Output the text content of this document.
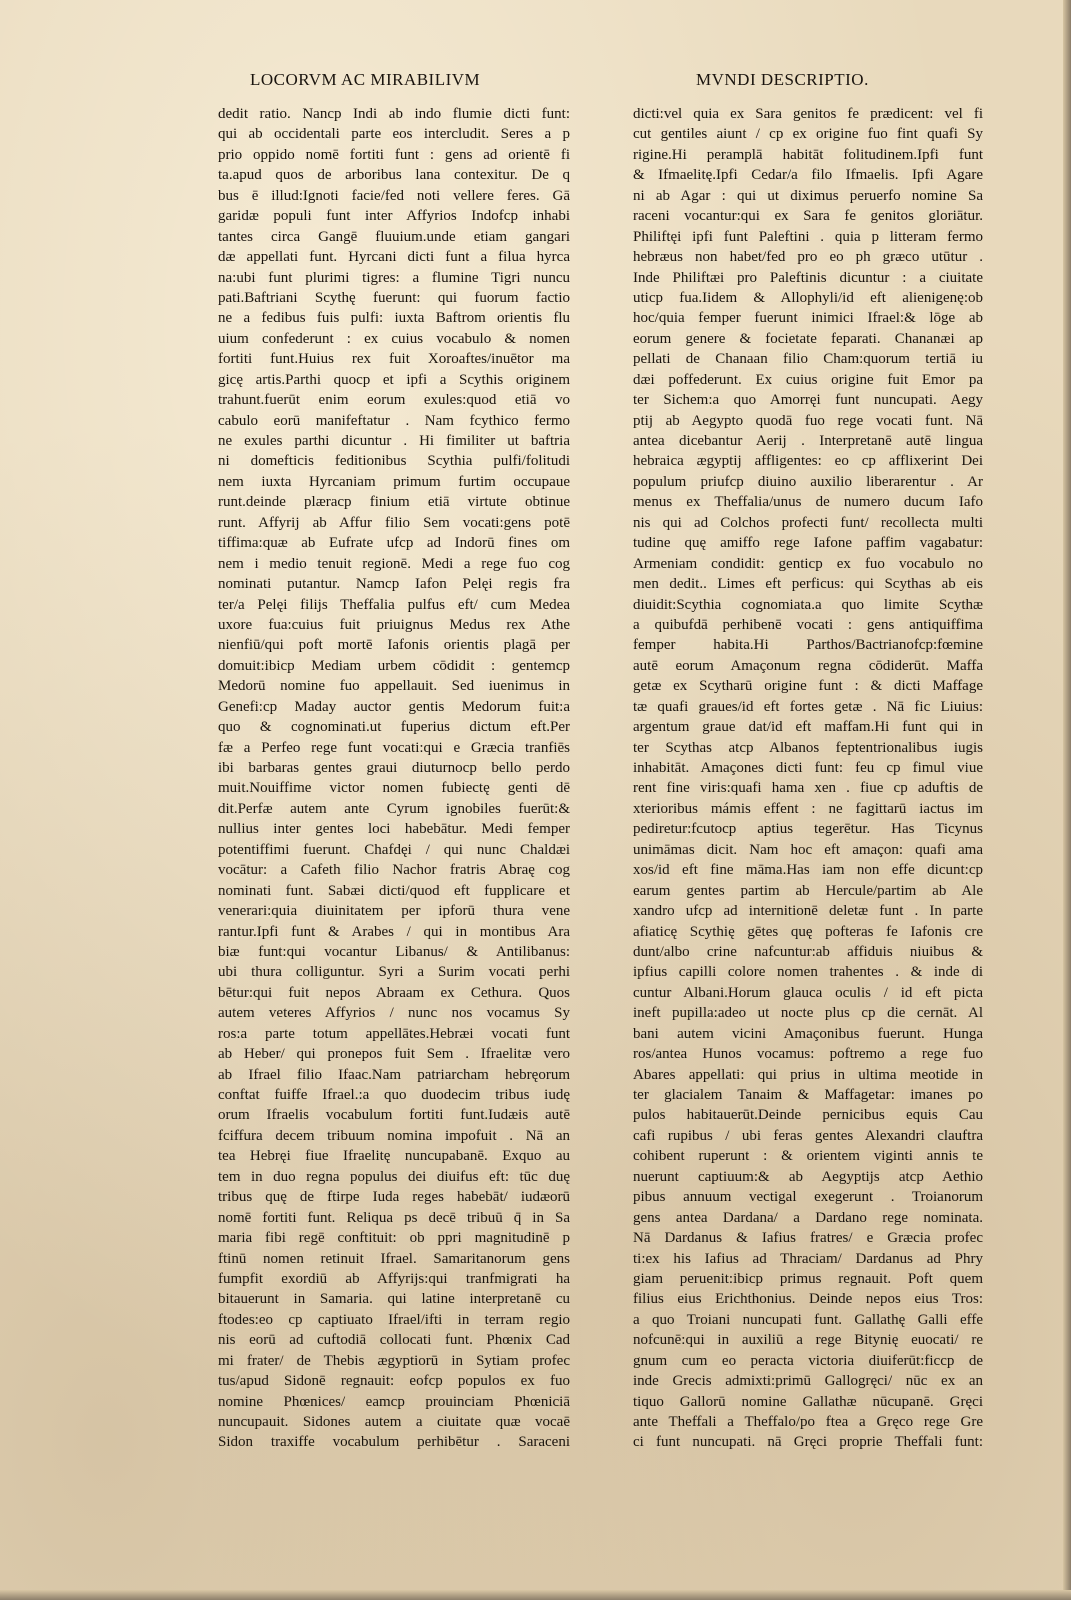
LOCORVM AC MIRABILIVM	MVNDI DESCRIPTIO.
dedit ratio. Nancp Indi ab indo flumie dicti funt:
qui ab occidentali parte eos intercludit. Seres a p
prio oppido nomē fortiti funt : gens ad orientē fi
ta.apud quos de arboribus lana contexitur. De q
bus ē illud:Ignoti facie/fed noti vellere feres. Gā
garidæ populi funt inter Affyrios Indofcp inhabi
tantes circa Gangē fluuium.unde etiam gangari
dæ appellati funt. Hyrcani dicti funt a filua hyrca
na:ubi funt plurimi tigres: a flumine Tigri nuncu
pati.Baftriani Scythę fuerunt: qui fuorum factio
ne a fedibus fuis pulfi: iuxta Baftrom orientis flu
uium confederunt : ex cuius vocabulo & nomen
fortiti funt.Huius rex fuit Xoroaftes/inuētor ma
gicę artis.Parthi quocp et ipfi a Scythis originem
trahunt.fuerūt enim eorum exules:quod etiā vo
cabulo eorū manifeftatur . Nam fcythico fermo
ne exules parthi dicuntur . Hi fimiliter ut baftria
ni domefticis feditionibus Scythia pulfi/folitudi
nem iuxta Hyrcaniam primum furtim occupaue
runt.deinde plæracp finium etiā virtute obtinue
runt. Affyrij ab Affur filio Sem vocati:gens potē
tiffima:quæ ab Eufrate ufcp ad Indorū fines om
nem i medio tenuit regionē. Medi a rege fuo cog
nominati putantur. Namcp Iafon Pelęi regis fra
ter/a Pelęi filijs Theffalia pulfus eft/ cum Medea
uxore fua:cuius fuit priuignus Medus rex Athe
nienfiū/qui poft mortē Iafonis orientis plagā per
domuit:ibicp Mediam urbem cōdidit : gentemcp
Medorū nomine fuo appellauit. Sed iuenimus in
Genefi:cp Maday auctor gentis Medorum fuit:a
quo & cognominati.ut fuperius dictum eft.Per
fæ a Perfeo rege funt vocati:qui e Græcia tranfiēs
ibi barbaras gentes graui diuturnocp bello perdo
muit.Nouiffime victor nomen fubiectę genti dē
dit.Perfæ autem ante Cyrum ignobiles fuerūt:&
nullius inter gentes loci habebātur. Medi femper
potentiffimi fuerunt. Chafdęi / qui nunc Chaldæi
vocātur: a Cafeth filio Nachor fratris Abraę cog
nominati funt. Sabæi dicti/quod eft fupplicare et
venerari:quia diuinitatem per ipforū thura vene
rantur.Ipfi funt & Arabes / qui in montibus Ara
biæ funt:qui vocantur Libanus/ & Antilibanus:
ubi thura colliguntur. Syri a Surim vocati perhi
bētur:qui fuit nepos Abraam ex Cethura. Quos
autem veteres Affyrios / nunc nos vocamus Sy
ros:a parte totum appellātes.Hebræi vocati funt
ab Heber/ qui pronepos fuit Sem . Ifraelitæ vero
ab Ifrael filio Ifaac.Nam patriarcham hebręorum
conftat fuiffe Ifrael.:a quo duodecim tribus iudę
orum Ifraelis vocabulum fortiti funt.Iudæis autē
fciffura decem tribuum nomina impofuit . Nā an
tea Hebręi fiue Ifraelitę nuncupabanē. Exquo au
tem in duo regna populus dei diuifus eft: tūc duę
tribus quę de ftirpe Iuda reges habebāt/ iudæorū
nomē fortiti funt. Reliqua ps decē tribuū q̄ in Sa
maria fibi regē conftituit: ob ppri magnitudinē p
ftinū nomen retinuit Ifrael. Samaritanorum gens
fumpfit exordiū ab Affyrijs:qui tranfmigrati ha
bitauerunt in Samaria. qui latine interpretanē cu
ftodes:eo cp captiuato Ifrael/ifti in terram regio
nis eorū ad cuftodiā collocati funt. Phœnix Cad
mi frater/ de Thebis ægyptiorū in Sytiam profec
tus/apud Sidonē regnauit: eofcp populos ex fuo
nomine Phœnices/ eamcp prouinciam Phœniciā
nuncupauit. Sidones autem a ciuitate quæ vocaē
Sidon traxiffe vocabulum perhibētur . Saraceni
dicti:vel quia ex Sara genitos fe prædicent: vel fi
cut gentiles aiunt / cp ex origine fuo fint quafi Sy
rigine.Hi peramplā habitāt folitudinem.Ipfi funt
& Ifmaelitę.Ipfi Cedar/a filo Ifmaelis. Ipfi Agare
ni ab Agar : qui ut diximus peruerfo nomine Sa
raceni vocantur:qui ex Sara fe genitos gloriātur.
Philiftęi ipfi funt Paleftini . quia p litteram fermo
hebræus non habet/fed pro eo ph græco utūtur .
Inde Philiftæi pro Paleftinis dicuntur : a ciuitate
uticp fua.Iidem & Allophyli/id eft alienigenę:ob
hoc/quia femper fuerunt inimici Ifrael:& lōge ab
eorum genere & focietate feparati. Chananæi ap
pellati de Chanaan filio Cham:quorum tertiā iu
dæi poffederunt. Ex cuius origine fuit Emor pa
ter Sichem:a quo Amorręi funt nuncupati. Aegy
ptij ab Aegypto quodā fuo rege vocati funt. Nā
antea dicebantur Aerij . Interpretanē autē lingua
hebraica ægyptij affligentes: eo cp afflixerint Dei
populum priufcp diuino auxilio liberarentur . Ar
menus ex Theffalia/unus de numero ducum Iafo
nis qui ad Colchos profecti funt/ recollecta multi
tudine quę amiffo rege Iafone paffim vagabatur:
Armeniam condidit: genticp ex fuo vocabulo no
men dedit.. Limes eft perficus: qui Scythas ab eis
diuidit:Scythia cognomiata.a quo limite Scythæ
a quibufdā perhibenē vocati : gens antiquiffima
femper habita.Hi Parthos/Bactrianofcp:fœmine
autē eorum Amaçonum regna cōdiderūt. Maffa
getæ ex Scytharū origine funt : & dicti Maffage
tæ quafi graues/id eft fortes getæ . Nā fic Liuius:
argentum graue dat/id eft maffam.Hi funt qui in
ter Scythas atcp Albanos feptentrionalibus iugis
inhabitāt. Amaçones dicti funt: feu cp fimul viue
rent fine viris:quafi hama xen . fiue cp aduftis de
xterioribus mámis effent : ne fagittarū iactus im
pediretur:fcutocp aptius tegerētur. Has Ticynus
unimāmas dicit. Nam hoc eft amaçon: quafi ama
xos/id eft fine māma.Has iam non effe dicunt:cp
earum gentes partim ab Hercule/partim ab Ale
xandro ufcp ad internitionē deletæ funt . In parte
afiaticę Scythię gētes quę pofteras fe Iafonis cre
dunt/albo crine nafcuntur:ab affiduis niuibus &
ipfius capilli colore nomen trahentes . & inde di
cuntur Albani.Horum glauca oculis / id eft picta
ineft pupilla:adeo ut nocte plus cp die cernāt. Al
bani autem vicini Amaçonibus fuerunt. Hunga
ros/antea Hunos vocamus: poftremo a rege fuo
Abares appellati: qui prius in ultima meotide in
ter glacialem Tanaim & Maffagetar: imanes po
pulos habitauerūt.Deinde pernicibus equis Cau
cafi rupibus / ubi feras gentes Alexandri clauftra
cohibent ruperunt : & orientem viginti annis te
nuerunt captiuum:& ab Aegyptijs atcp Aethio
pibus annuum vectigal exegerunt . Troianorum
gens antea Dardana/ a Dardano rege nominata.
Nā Dardanus & Iafius fratres/ e Græcia profec
ti:ex his Iafius ad Thraciam/ Dardanus ad Phry
giam peruenit:ibicp primus regnauit. Poft quem
filius eius Erichthonius. Deinde nepos eius Tros:
a quo Troiani nuncupati funt. Gallathę Galli effe
nofcunē:qui in auxiliū a rege Bitynię euocati/ re
gnum cum eo peracta victoria diuiferūt:ficcp de
inde Grecis admixti:primū Gallogręci/ nūc ex an
tiquo Gallorū nomine Gallathæ nūcupanē. Gręci
ante Theffali a Theffalo/po ftea a Gręco rege Gre
ci funt nuncupati. nā Gręci proprie Theffali funt:
